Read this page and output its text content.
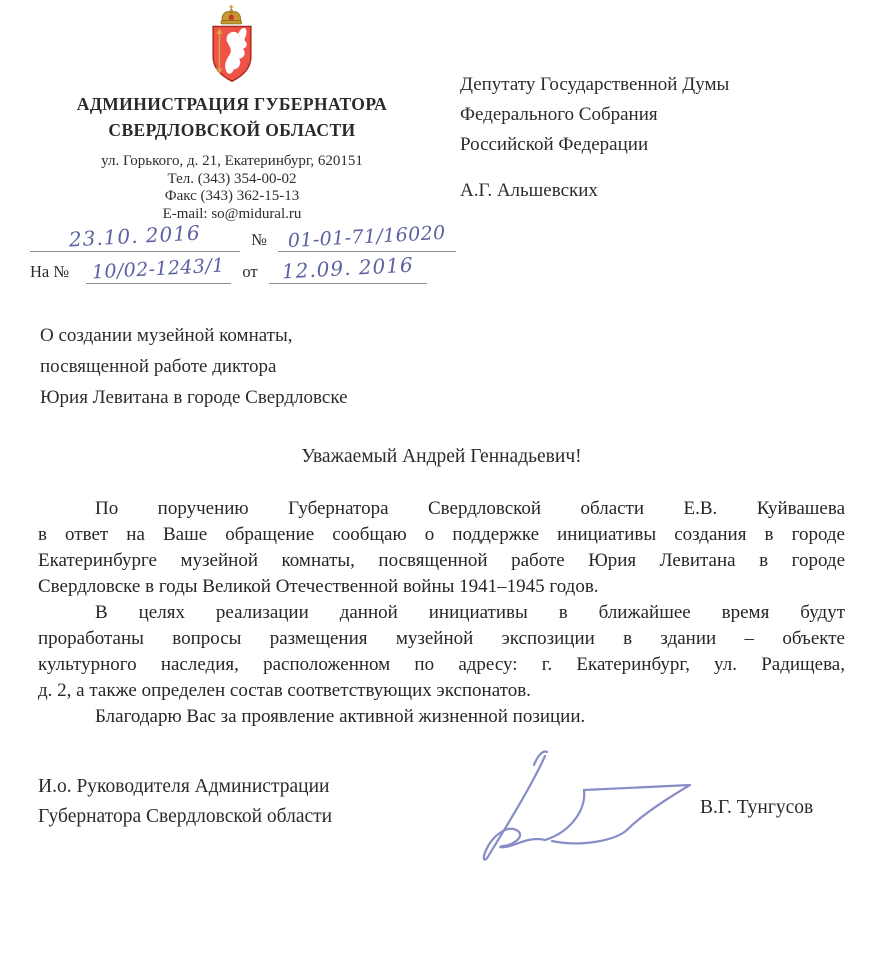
АДМИНИСТРАЦИЯ ГУБЕРНАТОРА
СВЕРДЛОВСКОЙ ОБЛАСТИ
ул. Горького, д. 21, Екатеринбург, 620151
Тел. (343) 354-00-02
Факс (343) 362-15-13
E-mail: so@midural.ru
Депутату Государственной Думы
Федерального Собрания
Российской Федерации
А.Г. Альшевских
23.10. 2016	№	01-01-71/16020
На №	10/02-1243/1	от	12.09. 2016
О создании музейной комнаты,
посвященной работе диктора
Юрия Левитана в городе Свердловске
Уважаемый Андрей Геннадьевич!
По поручению Губернатора Свердловской области Е.В. Куйвашева
в ответ на Ваше обращение сообщаю о поддержке инициативы создания в городе
Екатеринбурге музейной комнаты, посвященной работе Юрия Левитана в городе
Свердловске в годы Великой Отечественной войны 1941–1945 годов.
В целях реализации данной инициативы в ближайшее время будут
проработаны вопросы размещения музейной экспозиции в здании – объекте
культурного наследия, расположенном по адресу: г. Екатеринбург, ул. Радищева,
д. 2, а также определен состав соответствующих экспонатов.
Благодарю Вас за проявление активной жизненной позиции.
И.о. Руководителя Администрации
Губернатора Свердловской области	В.Г. Тунгусов
